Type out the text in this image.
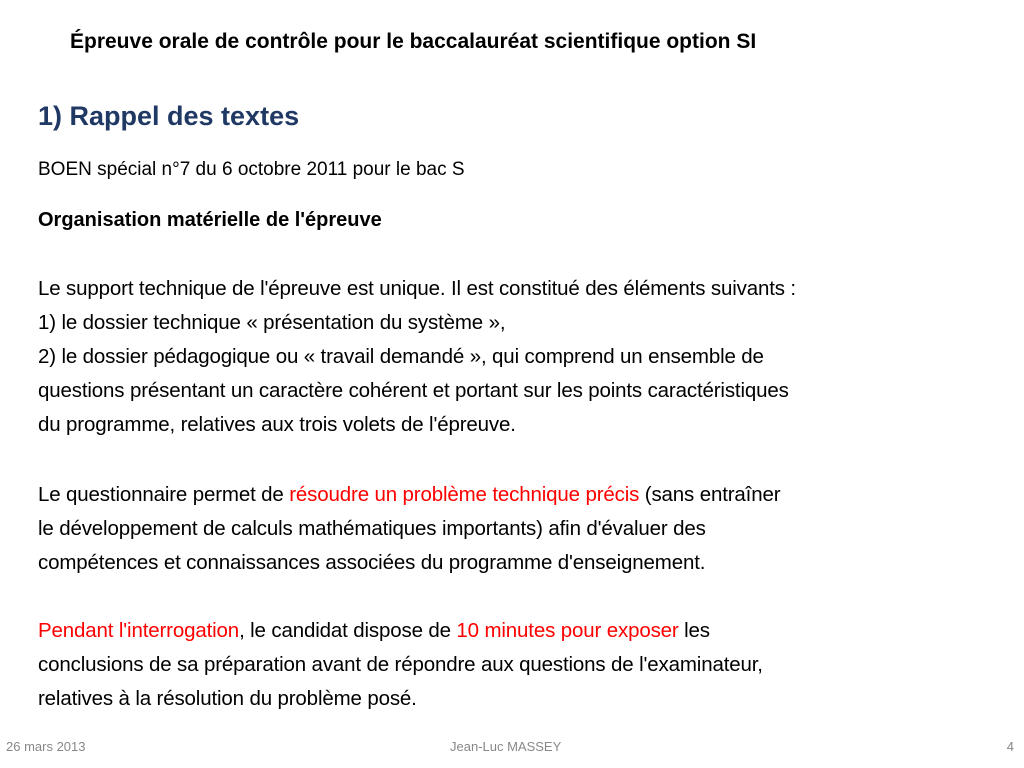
Épreuve orale de contrôle pour le baccalauréat scientifique option SI
1) Rappel des textes
BOEN spécial n°7 du 6 octobre 2011 pour le bac S
Organisation matérielle de l'épreuve
Le support technique de l'épreuve est unique. Il est constitué des éléments suivants :
1) le dossier technique « présentation du système »,
2) le dossier pédagogique ou « travail demandé », qui comprend un ensemble de
questions présentant un caractère cohérent et portant sur les points caractéristiques
du programme, relatives aux trois volets de l'épreuve.
Le questionnaire permet de résoudre un problème technique précis (sans entraîner
le développement de calculs mathématiques importants) afin d'évaluer des
compétences et connaissances associées du programme d'enseignement.
Pendant l'interrogation, le candidat dispose de 10 minutes pour exposer les
conclusions de sa préparation avant de répondre aux questions de l'examinateur,
relatives à la résolution du problème posé.
26 mars 2013	Jean-Luc MASSEY	4
